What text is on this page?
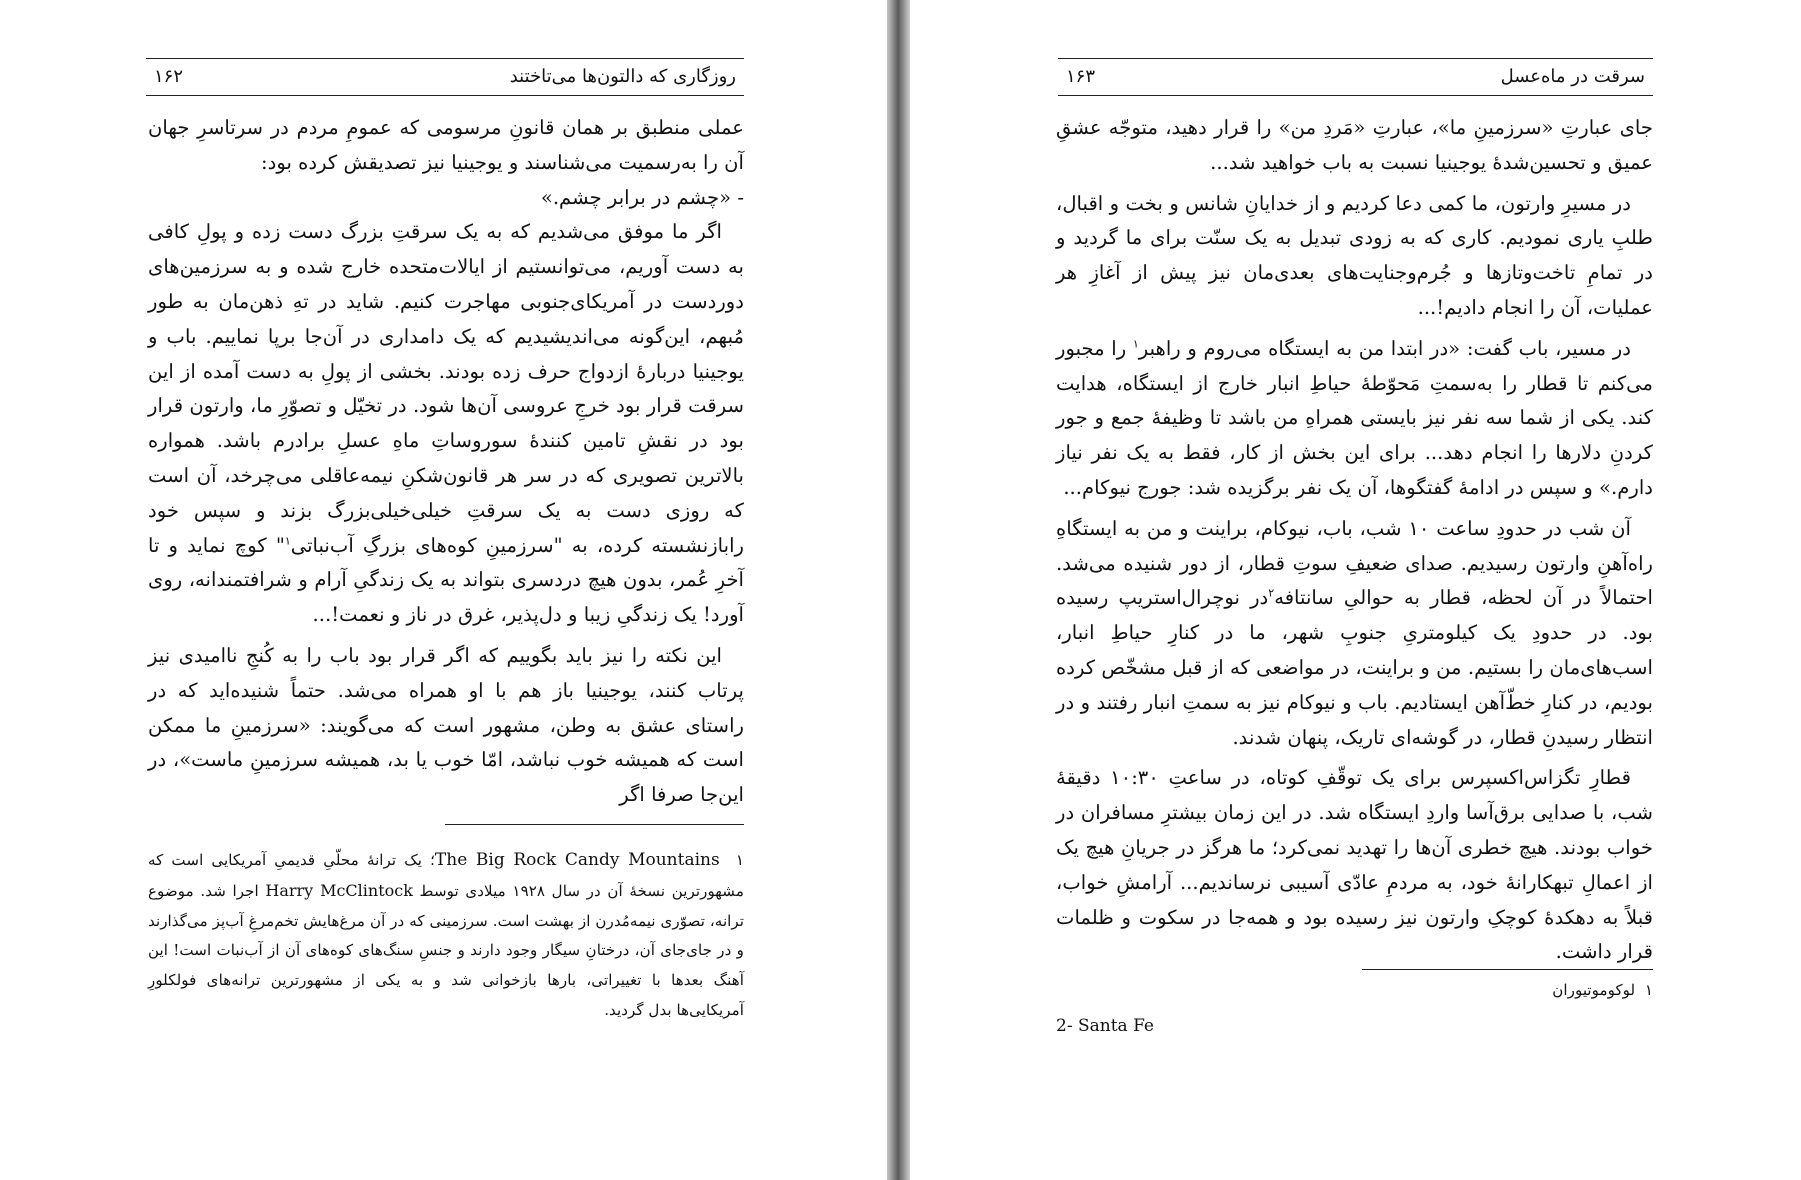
روزگاری که دالتون‌ها می‌تاختند
۱۶۲

عملی منطبق بر همان قانونِ مرسومی که عمومِ مردم در سرتاسرِ جهان آن را به‌رسمیت می‌شناسند و یوجینیا نیز تصدیقش کرده بود:

- «چشم در برابر چشم.»

اگر ما موفق می‌شدیم که به یک سرقتِ بزرگ دست زده و پولِ کافی به دست آوریم، می‌توانستیم از ایالات‌متحده خارج شده و به سرزمین‌های دوردست در آمریکای‌جنوبی مهاجرت کنیم. شاید در تهِ ذهن‌مان به طور مُبهم، این‌گونه می‌اندیشیدیم که یک دامداری در آن‌جا برپا نماییم. باب و یوجینیا دربارهٔ ازدواج حرف زده بودند. بخشی از پولِ به دست آمده از این سرقت قرار بود خرجِ عروسی آن‌ها شود. در تخیّل و تصوّرِ ما، وارتون قرار بود در نقشِ تامین کنندهٔ سوروساتِ ماهِ عسلِ برادرم باشد. همواره بالاترین تصویری که در سر هر قانون‌شکنِ نیمه‌عاقلی می‌چرخد، آن است که روزی دست به یک سرقتِ خیلی‌خیلی‌بزرگ بزند و سپس خود رابازنشسته کرده، به "سرزمینِ کوه‌های بزرگِ آب‌نباتی$^۱$" کوچ نماید و تا آخرِ عُمر، بدون هیچ دردسری بتواند به یک زندگیِ آرام و شرافتمندانه، روی آورد! یک زندگیِ زیبا و دل‌پذیر، غرق در ناز و نعمت!...

این نکته را نیز باید بگوییم که اگر قرار بود باب را به کُنجِ ناامیدی نیز پرتاب کنند، یوجینیا باز هم با او همراه می‌شد. حتماً شنیده‌اید که در راستای عشق به وطن، مشهور است که می‌گویند: «سرزمینِ ما ممکن است که همیشه خوب نباشد، امّا خوب یا بد، همیشه سرزمینِ ماست»، در این‌جا صرفا اگر

۱  The Big Rock Candy Mountains؛ یک ترانهٔ محلّیِ قدیمیِ آمریکایی است که مشهورترین نسخهٔ آن در سال ۱۹۲۸ میلادی توسط Harry McClintock اجرا شد. موضوع ترانه، تصوّری نیمه‌مُدرن از بهشت است. سرزمینی که در آن مرغ‌هایش تخم‌مرغِ آب‌پز می‌گذارند و در جای‌جای آن، درختانِ سیگار وجود دارند و جنسِ سنگ‌های کوه‌های آن از آب‌نبات است! این آهنگ بعدها با تغییراتی، بارها بازخوانی شد و به یکی از مشهورترین ترانه‌های فولکلورِ آمریکایی‌ها بدل گردید.

سرقت در ماه‌عسل
۱۶۳

جای عبارتِ «سرزمینِ ما»، عبارتِ «مَردِ من» را قرار دهید، متوجّه عشقِ عمیق و تحسین‌شدهٔ یوجینیا نسبت به باب خواهید شد...

در مسیرِ وارتون، ما کمی دعا کردیم و از خدایانِ شانس و بخت و اقبال، طلبِ یاری نمودیم. کاری که به زودی تبدیل به یک سنّت برای ما گردید و در تمامِ تاخت‌وتازها و جُرم‌وجنایت‌های بعدی‌مان نیز پیش از آغازِ هر عملیات، آن را انجام دادیم!...

در مسیر، باب گفت: «در ابتدا من به ایستگاه می‌روم و راهبر$^۱$ را مجبور می‌کنم تا قطار را به‌سمتِ مَحوّطهٔ حیاطِ انبار خارج از ایستگاه، هدایت کند. یکی از شما سه نفر نیز بایستی همراهِ من باشد تا وظیفهٔ جمع و جور کردنِ دلارها را انجام دهد... برای این بخش از کار، فقط به یک نفر نیاز دارم.» و سپس در ادامهٔ گفتگوها، آن یک نفر برگزیده شد: جورج نیوکام...

آن شب در حدودِ ساعت ۱۰ شب، باب، نیوکام، براینت و من به ایستگاهِ راه‌آهنِ وارتون رسیدیم. صدای ضعیفِ سوتِ قطار، از دور شنیده می‌شد. احتمالاً در آن لحظه، قطار به حوالیِ سانتافه$^۲$در نوچرال‌استریپ رسیده بود. در حدودِ یک کیلومتریِ جنوبِ شهر، ما در کنارِ حیاطِ انبار، اسب‌های‌مان را بستیم. من و براینت، در مواضعی که از قبل مشخّص کرده بودیم، در کنارِ خطّ‌آهن ایستادیم. باب و نیوکام نیز به سمتِ انبار رفتند و در انتظار رسیدنِ قطار، در گوشه‌ای تاریک، پنهان شدند.

قطارِ تگزاس‌اکسپرس برای یک توقّفِ کوتاه، در ساعتِ ۱۰:۳۰ دقیقهٔ شب، با صدایی برق‌آسا واردِ ایستگاه شد. در این زمان بیشترِ مسافران در خواب بودند. هیچ خطری آن‌ها را تهدید نمی‌کرد؛ ما هرگز در جریانِ هیچ یک از اعمالِ تبهکارانهٔ خود، به مردمِ عادّی آسیبی نرساندیم... آرامشِ خواب، قبلاً به دهکدهٔ کوچکِ وارتون نیز رسیده بود و همه‌جا در سکوت و ظلمات قرار داشت.

۱  لوکوموتیوران

2- Santa Fe
